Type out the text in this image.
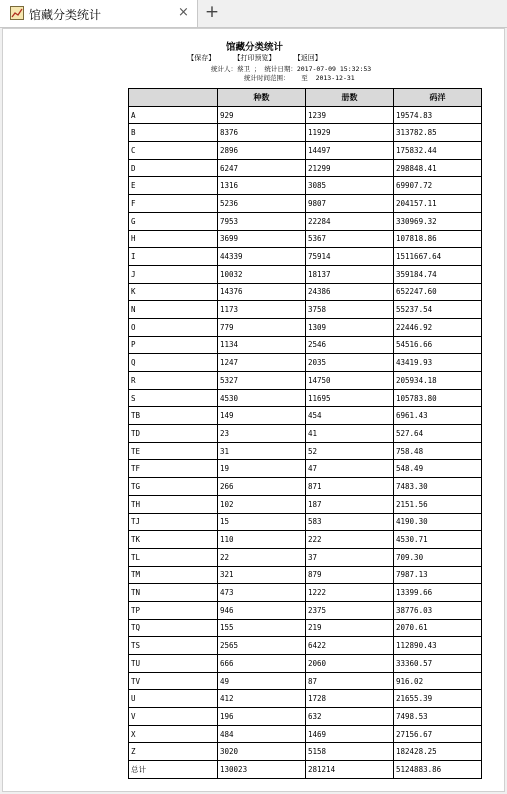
馆藏分类统计	× +
馆藏分类统计
【保存】	【打印预览】	【返回】
统计人：蔡卫 ； 统计日期：2017-07-09 15:32:53
统计时间范围：   至  2013-12-31
	种数	册数	码洋
A	929	1239	19574.83
B	8376	11929	313782.85
C	2896	14497	175832.44
D	6247	21299	298848.41
E	1316	3085	69907.72
F	5236	9807	204157.11
G	7953	22284	330969.32
H	3699	5367	107818.86
I	44339	75914	1511667.64
J	10032	18137	359184.74
K	14376	24386	652247.60
N	1173	3758	55237.54
O	779	1309	22446.92
P	1134	2546	54516.66
Q	1247	2035	43419.93
R	5327	14750	205934.18
S	4530	11695	105783.80
TB	149	454	6961.43
TD	23	41	527.64
TE	31	52	758.48
TF	19	47	548.49
TG	266	871	7483.30
TH	102	187	2151.56
TJ	15	583	4190.30
TK	110	222	4530.71
TL	22	37	709.30
TM	321	879	7987.13
TN	473	1222	13399.66
TP	946	2375	38776.03
TQ	155	219	2070.61
TS	2565	6422	112890.43
TU	666	2060	33360.57
TV	49	87	916.02
U	412	1728	21655.39
V	196	632	7498.53
X	484	1469	27156.67
Z	3020	5158	182428.25
总计	130023	281214	5124883.86
